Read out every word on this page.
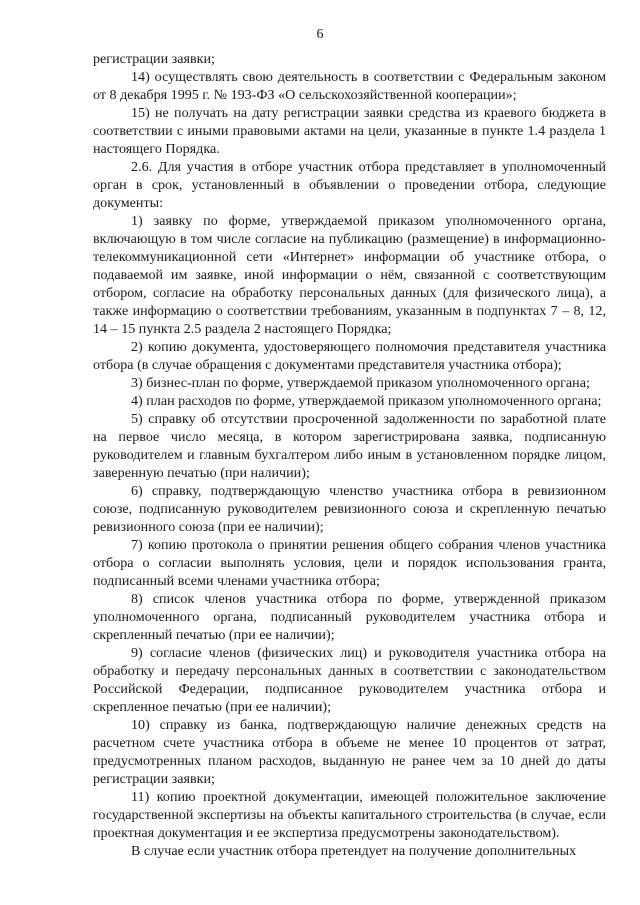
6

регистрации заявки;

14) осуществлять свою деятельность в соответствии с Федеральным законом от 8 декабря 1995 г. № 193-ФЗ «О сельскохозяйственной кооперации»;

15) не получать на дату регистрации заявки средства из краевого бюджета в соответствии с иными правовыми актами на цели, указанные в пункте 1.4 раздела 1 настоящего Порядка.

2.6. Для участия в отборе участник отбора представляет в уполномоченный орган в срок, установленный в объявлении о проведении отбора, следующие документы:

1) заявку по форме, утверждаемой приказом уполномоченного органа, включающую в том числе согласие на публикацию (размещение) в информационно-телекоммуникационной сети «Интернет» информации об участнике отбора, о подаваемой им заявке, иной информации о нём, связанной с соответствующим отбором, согласие на обработку персональных данных (для физического лица), а также информацию о соответствии требованиям, указанным в подпунктах 7 – 8, 12, 14 – 15 пункта 2.5 раздела 2 настоящего Порядка;

2) копию документа, удостоверяющего полномочия представителя участника отбора (в случае обращения с документами представителя участника отбора);

3) бизнес-план по форме, утверждаемой приказом уполномоченного органа;

4) план расходов по форме, утверждаемой приказом уполномоченного органа;

5) справку об отсутствии просроченной задолженности по заработной плате на первое число месяца, в котором зарегистрирована заявка, подписанную руководителем и главным бухгалтером либо иным в установленном порядке лицом, заверенную печатью (при наличии);

6) справку, подтверждающую членство участника отбора в ревизионном союзе, подписанную руководителем ревизионного союза и скрепленную печатью ревизионного союза (при ее наличии);

7) копию протокола о принятии решения общего собрания членов участника отбора о согласии выполнять условия, цели и порядок использования гранта, подписанный всеми членами участника отбора;

8) список членов участника отбора по форме, утвержденной приказом уполномоченного органа, подписанный руководителем участника отбора и скрепленный печатью (при ее наличии);

9) согласие членов (физических лиц) и руководителя участника отбора на обработку и передачу персональных данных в соответствии с законодательством Российской Федерации, подписанное руководителем участника отбора и скрепленное печатью (при ее наличии);

10) справку из банка, подтверждающую наличие денежных средств на расчетном счете участника отбора в объеме не менее 10 процентов от затрат, предусмотренных планом расходов, выданную не ранее чем за 10 дней до даты регистрации заявки;

11) копию проектной документации, имеющей положительное заключение государственной экспертизы на объекты капитального строительства (в случае, если проектная документация и ее экспертиза предусмотрены законодательством).

В случае если участник отбора претендует на получение дополнительных
